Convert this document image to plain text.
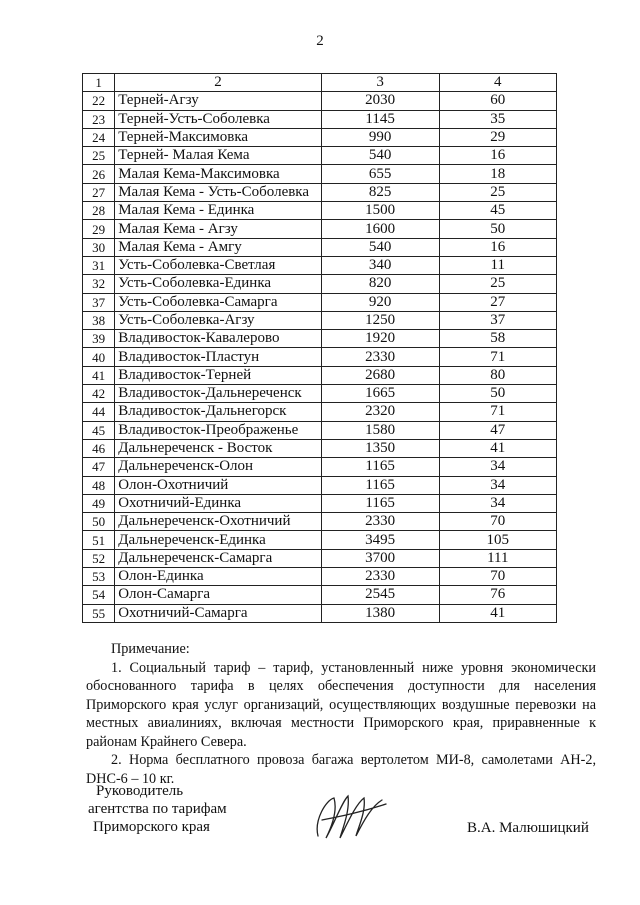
2
1	2	3	4
22	Терней-Агзу	2030	60
23	Терней-Усть-Соболевка	1145	35
24	Терней-Максимовка	990	29
25	Терней- Малая Кема	540	16
26	Малая Кема-Максимовка	655	18
27	Малая Кема - Усть-Соболевка	825	25
28	Малая Кема - Единка	1500	45
29	Малая Кема - Агзу	1600	50
30	Малая Кема - Амгу	540	16
31	Усть-Соболевка-Светлая	340	11
32	Усть-Соболевка-Единка	820	25
37	Усть-Соболевка-Самарга	920	27
38	Усть-Соболевка-Агзу	1250	37
39	Владивосток-Кавалерово	1920	58
40	Владивосток-Пластун	2330	71
41	Владивосток-Терней	2680	80
42	Владивосток-Дальнереченск	1665	50
44	Владивосток-Дальнегорск	2320	71
45	Владивосток-Преображенье	1580	47
46	Дальнереченск - Восток	1350	41
47	Дальнереченск-Олон	1165	34
48	Олон-Охотничий	1165	34
49	Охотничий-Единка	1165	34
50	Дальнереченск-Охотничий	2330	70
51	Дальнереченск-Единка	3495	105
52	Дальнереченск-Самарга	3700	111
53	Олон-Единка	2330	70
54	Олон-Самарга	2545	76
55	Охотничий-Самарга	1380	41
Примечание:

1. Социальный тариф – тариф, установленный ниже уровня экономически обоснованного тарифа в целях обеспечения доступности для населения Приморского края услуг организаций, осуществляющих воздушные перевозки на местных авиалиниях, включая местности Приморского края, приравненные к районам Крайнего Севера.

2. Норма бесплатного провоза багажа вертолетом МИ-8, самолетами АН-2, DHC-6 – 10 кг.

Руководитель
агентства по тарифам
Приморского края	В.А. Малюшицкий
